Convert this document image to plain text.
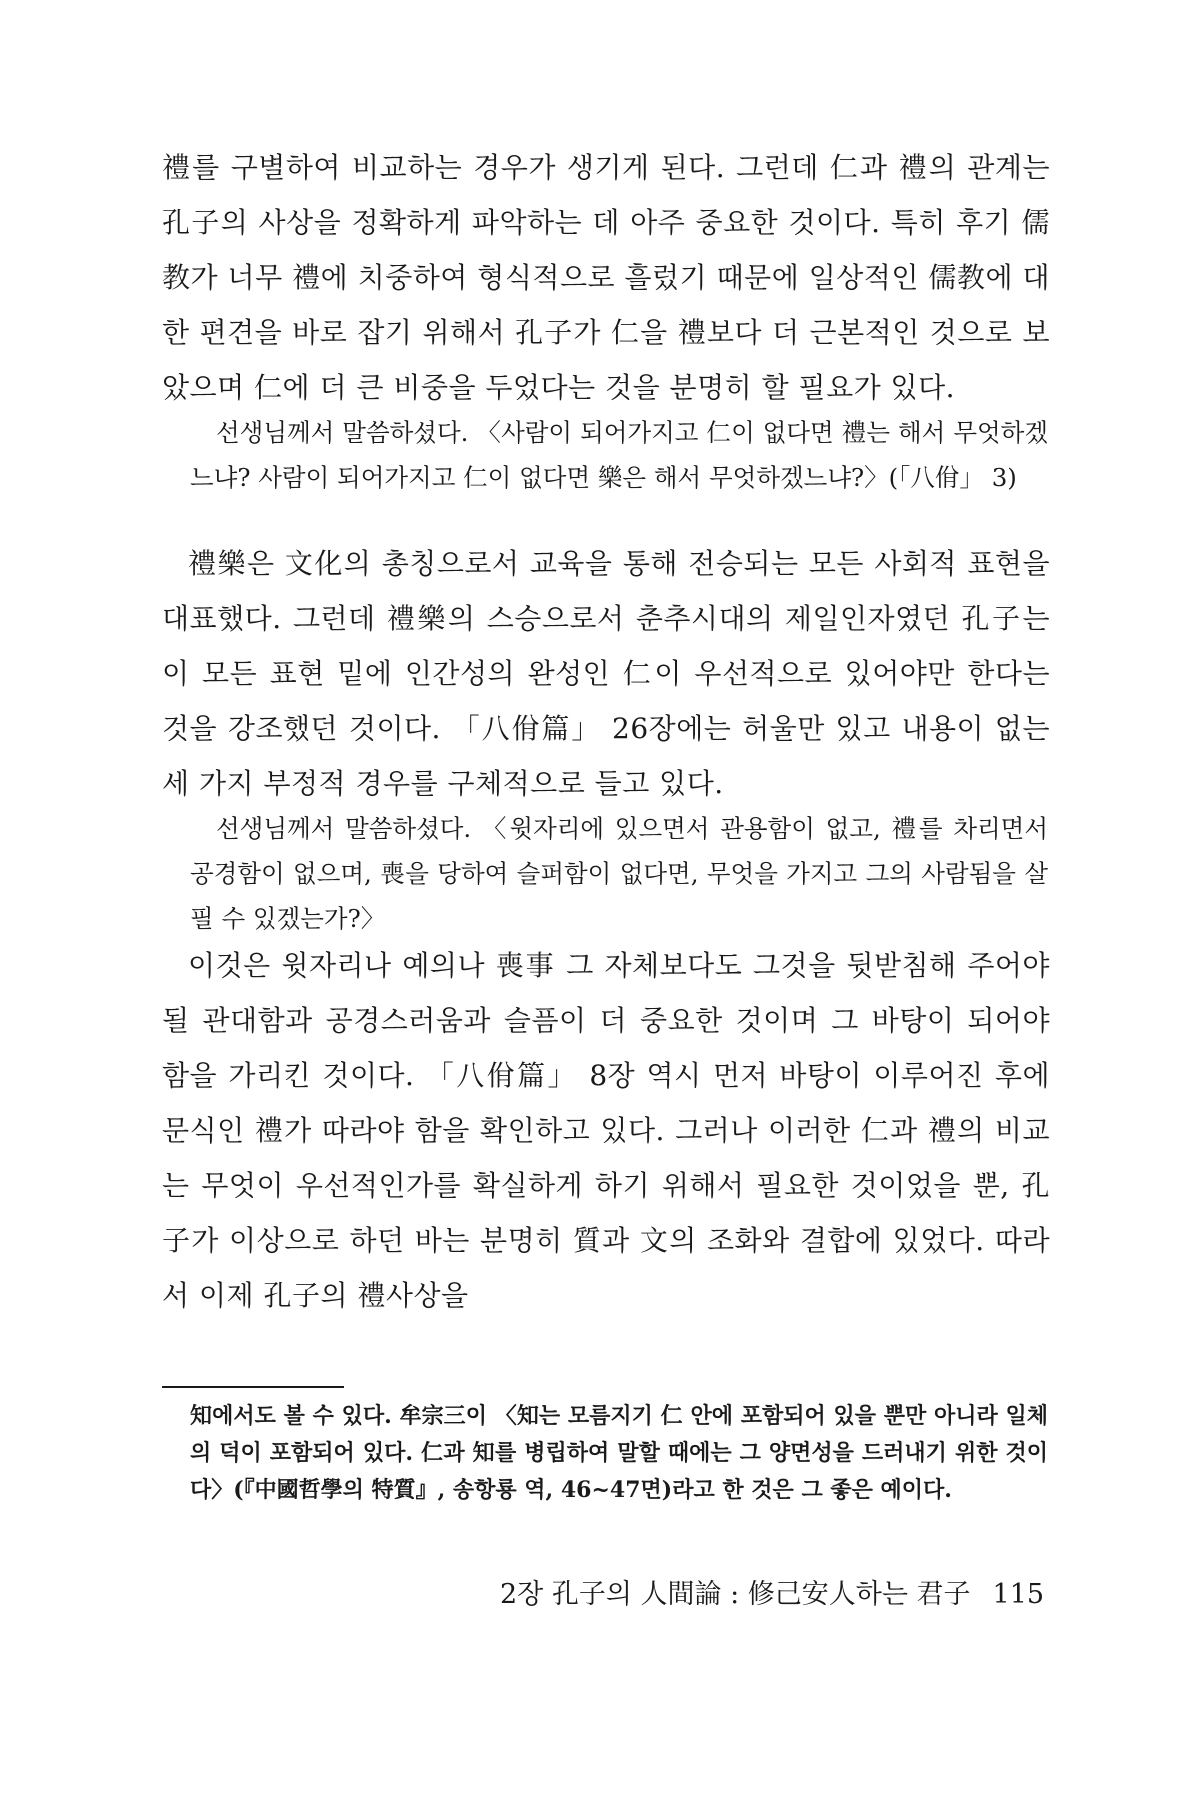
禮를 구별하여 비교하는 경우가 생기게 된다. 그런데 仁과 禮의 관계는 孔子의 사상을 정확하게 파악하는 데 아주 중요한 것이다. 특히 후기 儒教가 너무 禮에 치중하여 형식적으로 흘렀기 때문에 일상적인 儒教에 대한 편견을 바로 잡기 위해서 孔子가 仁을 禮보다 더 근본적인 것으로 보았으며 仁에 더 큰 비중을 두었다는 것을 분명히 할 필요가 있다.

선생님께서 말씀하셨다. 〈사람이 되어가지고 仁이 없다면 禮는 해서 무엇하겠느냐? 사람이 되어가지고 仁이 없다면 樂은 해서 무엇하겠느냐?〉(「八佾」 3)

禮樂은 文化의 총칭으로서 교육을 통해 전승되는 모든 사회적 표현을 대표했다. 그런데 禮樂의 스승으로서 춘추시대의 제일인자였던 孔子는 이 모든 표현 밑에 인간성의 완성인 仁이 우선적으로 있어야만 한다는 것을 강조했던 것이다. 「八佾篇」 26장에는 허울만 있고 내용이 없는 세 가지 부정적 경우를 구체적으로 들고 있다.

선생님께서 말씀하셨다. 〈윗자리에 있으면서 관용함이 없고, 禮를 차리면서 공경함이 없으며, 喪을 당하여 슬퍼함이 없다면, 무엇을 가지고 그의 사람됨을 살필 수 있겠는가?〉

이것은 윗자리나 예의나 喪事 그 자체보다도 그것을 뒷받침해 주어야 될 관대함과 공경스러움과 슬픔이 더 중요한 것이며 그 바탕이 되어야 함을 가리킨 것이다. 「八佾篇」 8장 역시 먼저 바탕이 이루어진 후에 문식인 禮가 따라야 함을 확인하고 있다. 그러나 이러한 仁과 禮의 비교는 무엇이 우선적인가를 확실하게 하기 위해서 필요한 것이었을 뿐, 孔子가 이상으로 하던 바는 분명히 質과 文의 조화와 결합에 있었다. 따라서 이제 孔子의 禮사상을

知에서도 볼 수 있다. 牟宗三이 〈知는 모름지기 仁 안에 포함되어 있을 뿐만 아니라 일체의 덕이 포함되어 있다. 仁과 知를 병립하여 말할 때에는 그 양면성을 드러내기 위한 것이다〉(『中國哲學의 特質』, 송항룡 역, 46~47면)라고 한 것은 그 좋은 예이다.

2장 孔子의 人間論 : 修己安人하는 君子 115
